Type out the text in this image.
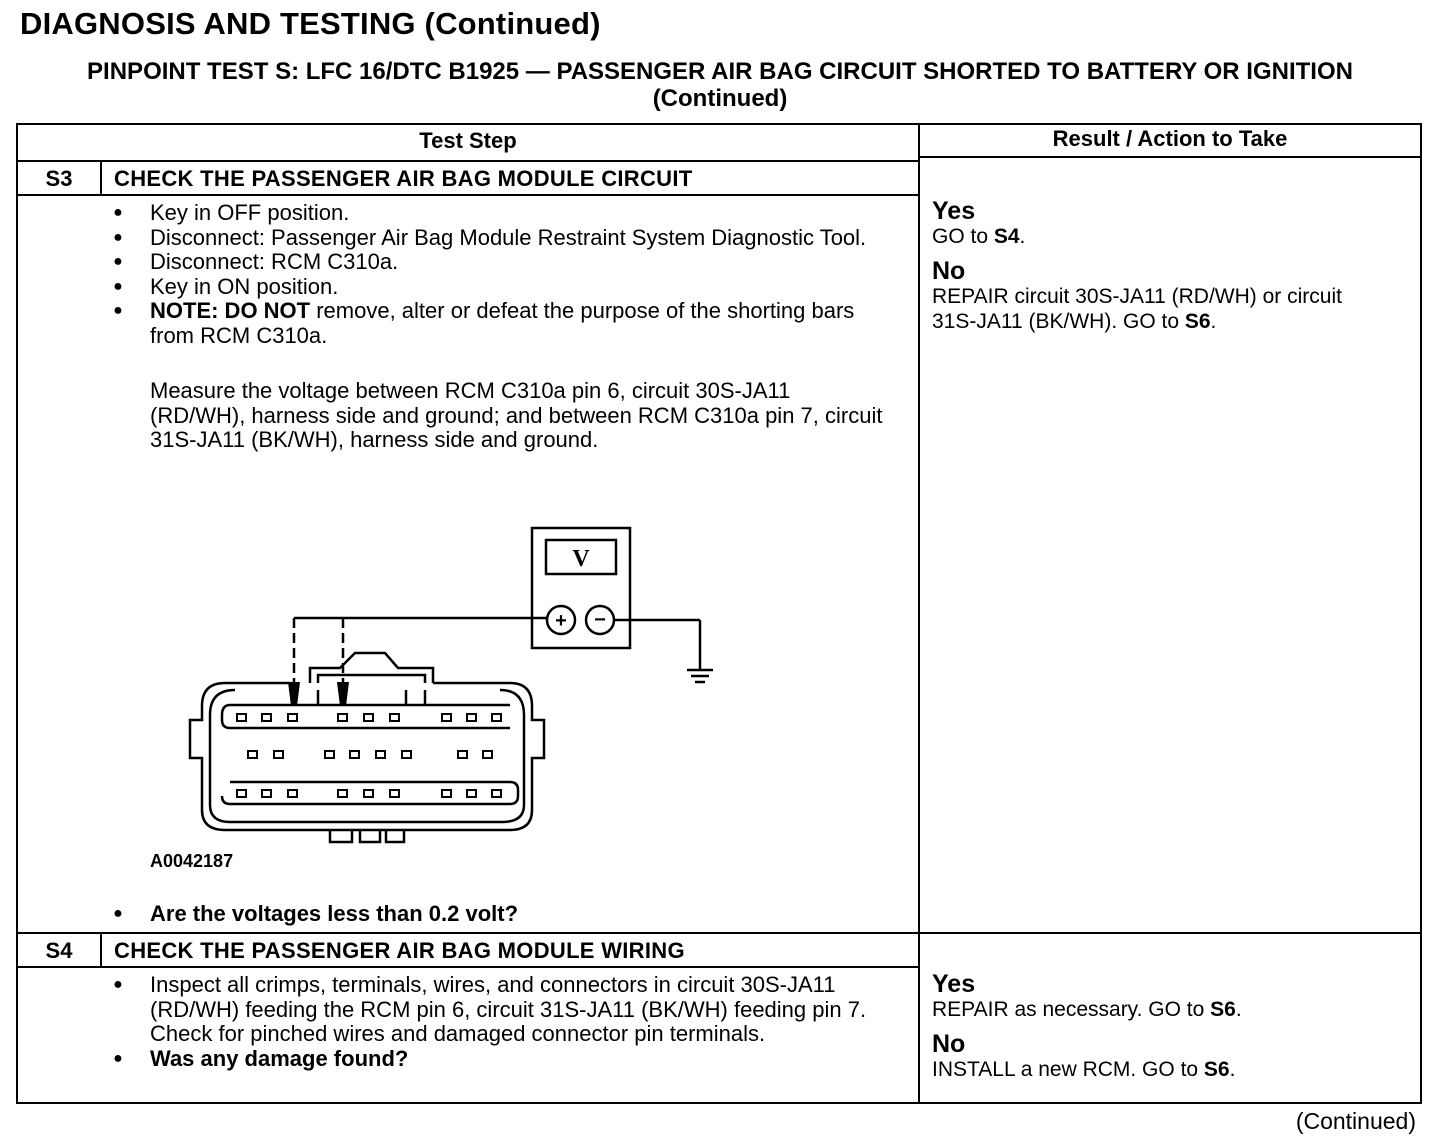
DIAGNOSIS AND TESTING (Continued)
PINPOINT TEST S: LFC 16/DTC B1925 — PASSENGER AIR BAG CIRCUIT SHORTED TO BATTERY OR IGNITION (Continued)
Test Step	Result / Action to Take
S3	CHECK THE PASSENGER AIR BAG MODULE CIRCUIT
● Key in OFF position.
● Disconnect: Passenger Air Bag Module Restraint System Diagnostic Tool.
● Disconnect: RCM C310a.
● Key in ON position.
● NOTE: DO NOT remove, alter or defeat the purpose of the shorting bars from RCM C310a.
Measure the voltage between RCM C310a pin 6, circuit 30S-JA11 (RD/WH), harness side and ground; and between RCM C310a pin 7, circuit 31S-JA11 (BK/WH), harness side and ground.
V
+ −
A0042187
● Are the voltages less than 0.2 volt?
Yes
GO to S4.
No
REPAIR circuit 30S-JA11 (RD/WH) or circuit 31S-JA11 (BK/WH). GO to S6.
S4	CHECK THE PASSENGER AIR BAG MODULE WIRING
● Inspect all crimps, terminals, wires, and connectors in circuit 30S-JA11 (RD/WH) feeding the RCM pin 6, circuit 31S-JA11 (BK/WH) feeding pin 7. Check for pinched wires and damaged connector pin terminals.
● Was any damage found?
Yes
REPAIR as necessary. GO to S6.
No
INSTALL a new RCM. GO to S6.
(Continued)
